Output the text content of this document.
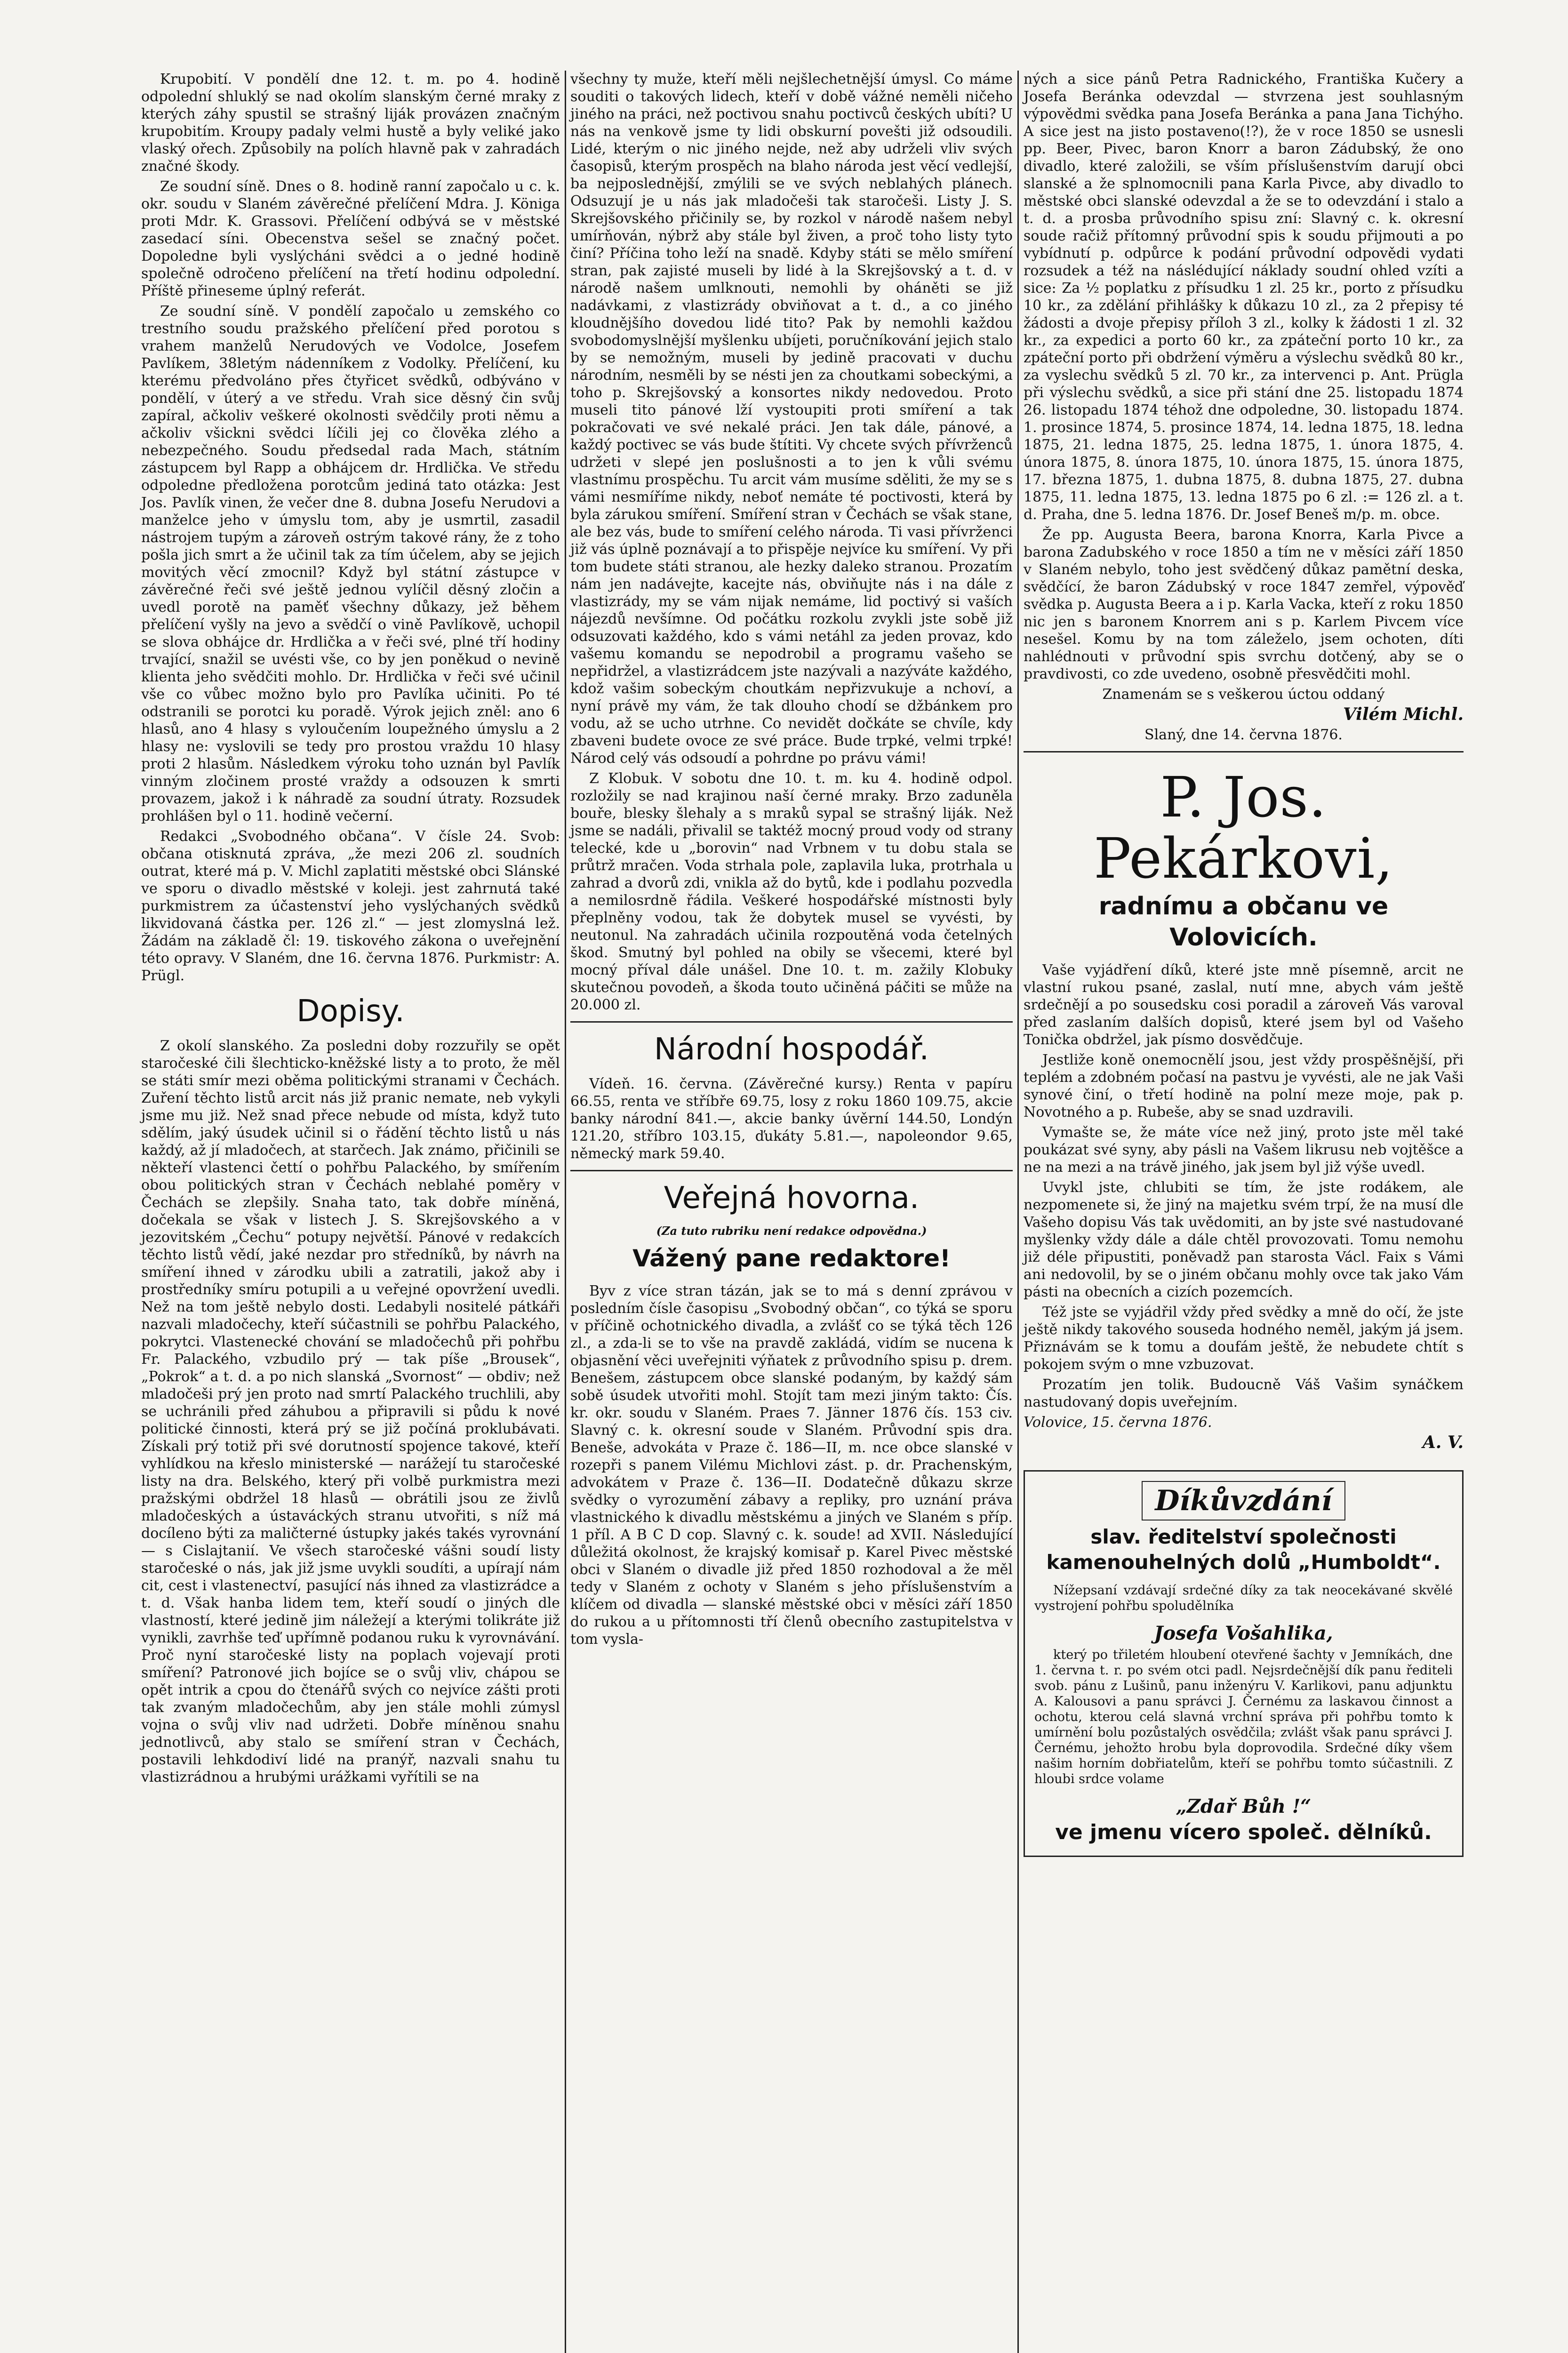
Krupobití. V pondělí dne 12. t. m. po 4. hodině odpolední shluklý se nad okolím slanským černé mraky z kterých záhy spustil se strašný liják provázen značným krupobitím. Kroupy padaly velmi hustě a byly veliké jako vlaský ořech. Způsobily na polích hlavně pak v zahradách značné škody.

Ze soudní síně. Dnes o 8. hodině ranní započalo u c. k. okr. soudu v Slaném závěrečné přelíčení Mdra. J. Königa proti Mdr. K. Grassovi. Přelíčení odbývá se v městské zasedací síni. Obecenstva sešel se značný počet. Dopoledne byli vyslýcháni svědci a o jedné hodině společně odročeno přelíčení na třetí hodinu odpolední. Příště přineseme úplný referát.

Ze soudní síně. V pondělí započalo u zemského co trestního soudu pražského přelíčení před porotou s vrahem manželů Nerudových ve Vodolce, Josefem Pavlíkem, 38letým nádenníkem z Vodolky. Přelíčení, ku kterému předvoláno přes čtyřicet svědků, odbýváno v pondělí, v úterý a ve středu. Vrah sice děsný čin svůj zapíral, ačkoliv veškeré okolnosti svědčily proti němu a ačkoliv všickni svědci líčili jej co člověka zlého a nebezpečného. Soudu předsedal rada Mach, státním zástupcem byl Rapp a obhájcem dr. Hrdlička. Ve středu odpoledne předložena porotcům jediná tato otázka: Jest Jos. Pavlík vinen, že večer dne 8. dubna Josefu Nerudovi a manželce jeho v úmyslu tom, aby je usmrtil, zasadil nástrojem tupým a zároveň ostrým takové rány, že z toho pošla jich smrt a že učinil tak za tím účelem, aby se jejich movitých věcí zmocnil? Když byl státní zástupce v závěrečné řeči své ještě jednou vylíčil děsný zločin a uvedl porotě na paměť všechny důkazy, jež během přelíčení vyšly na jevo a svědčí o vině Pavlíkově, uchopil se slova obhájce dr. Hrdlička a v řeči své, plné tří hodiny trvající, snažil se uvésti vše, co by jen poněkud o nevině klienta jeho svědčiti mohlo. Dr. Hrdlička v řeči své učinil vše co vůbec možno bylo pro Pavlíka učiniti. Po té odstranili se porotci ku poradě. Výrok jejich zněl: ano 6 hlasů, ano 4 hlasy s vyloučením loupežného úmyslu a 2 hlasy ne: vyslovili se tedy pro prostou vraždu 10 hlasy proti 2 hlasům. Následkem výroku toho uznán byl Pavlík vinným zločinem prosté vraždy a odsouzen k smrti provazem, jakož i k náhradě za soudní útraty. Rozsudek prohlášen byl o 11. hodině večerní.

Redakci „Svobodného občana“. V čísle 24. Svob: občana otisknutá zpráva, „že mezi 206 zl. soudních outrat, které má p. V. Michl zaplatiti městské obci Slánské ve sporu o divadlo městské v koleji. jest zahrnutá také purkmistrem za účastenství jeho vyslýchaných svědků likvidovaná částka per. 126 zl.“ — jest zlomyslná lež. Žádám na základě čl: 19. tiskového zákona o uveřejnění této opravy. V Slaném, dne 16. června 1876. Purkmistr: A. Prügl.

Dopisy.

Z okolí slanského. Za posledni doby rozzuřily se opět staročeské čili šlechticko-kněžské listy a to proto, že měl se státi smír mezi oběma politickými stranami v Čechách. Zuření těchto listů arcit nás již pranic nemate, neb vykyli jsme mu již. Než snad přece nebude od místa, když tuto sdělím, jaký úsudek učinil si o řádění těchto listů u nás každý, až jí mladočech, at starčech. Jak známo, přičinili se někteří vlastenci čettí o pohřbu Palackého, by smířením obou politických stran v Čechách neblahé poměry v Čechách se zlepšily. Snaha tato, tak dobře míněná, dočekala se však v listech J. S. Skrejšovského a v jezovitském „Čechu“ potupy největší. Pánové v redakcích těchto listů vědí, jaké nezdar pro středníků, by návrh na smíření ihned v zárodku ubili a zatratili, jakož aby i prostředníky smíru potupili a u veřejné opovržení uvedli. Než na tom ještě nebylo dosti. Ledabyli nositelé pátkáři nazvali mladočechy, kteří súčastnili se pohřbu Palackého, pokrytci. Vlastenecké chování se mladočechů při pohřbu Fr. Palackého, vzbudilo prý — tak píše „Brousek“, „Pokrok“ a t. d. a po nich slanská „Svornost“ — obdiv; než mladočeši prý jen proto nad smrtí Palackého truchlili, aby se uchránili před záhubou a připravili si půdu k nové politické činnosti, která prý se již počíná proklubávati. Získali prý totiž při své dorutností spojence takové, kteří vyhlídkou na křeslo ministerské — narážejí tu staročeské listy na dra. Belského, který při volbě purkmistra mezi pražskými obdržel 18 hlasů — obrátili jsou ze živlů mladočeských a ústaváckých stranu utvořiti, s níž má docíleno býti za maličterné ústupky jakés takés vyrovnání — s Cislajtanií. Ve všech staročeské vášni soudí listy staročeské o nás, jak již jsme uvykli soudíti, a upírají nám cit, cest i vlastenectví, pasující nás ihned za vlastizrádce a t. d. Však hanba lidem tem, kteří soudí o jiných dle vlastností, které jedině jim náležejí a kterými tolikráte již vynikli, zavrhše teď upřímně podanou ruku k vyrovnávání. Proč nyní staročeské listy na poplach vojevají proti smíření? Patronové jich bojíce se o svůj vliv, chápou se opět intrik a cpou do čtenářů svých co nejvíce zášti proti tak zvaným mladočechům, aby jen stále mohli zúmysl vojna o svůj vliv nad udržeti. Dobře míněnou snahu jednotlivců, aby stalo se smíření stran v Čechách, postavili lehkdodiví lidé na pranýř, nazvali snahu tu vlastizrádnou a hrubými urážkami vyřítili se na

všechny ty muže, kteří měli nejšlechetnější úmysl. Co máme souditi o takových lidech, kteří v době vážné neměli ničeho jiného na práci, než poctivou snahu poctivců českých ubíti? U nás na venkově jsme ty lidi obskurní povešti již odsoudili. Lidé, kterým o nic jiného nejde, než aby udrželi vliv svých časopisů, kterým prospěch na blaho národa jest věcí vedlejší, ba nejposlednější, zmýlili se ve svých neblahých plánech. Odsuzují je u nás jak mladočeši tak staročeši. Listy J. S. Skrejšovského přičinily se, by rozkol v národě našem nebyl umírňován, nýbrž aby stále byl živen, a proč toho listy tyto činí? Příčina toho leží na snadě. Kdyby státi se mělo smíření stran, pak zajisté museli by lidé à la Skrejšovský a t. d. v národě našem umlknouti, nemohli by oháněti se již nadávkami, z vlastizrády obviňovat a t. d., a co jiného kloudnějšího dovedou lidé tito? Pak by nemohli každou svobodomyslnější myšlenku ubíjeti, poručníkování jejich stalo by se nemožným, museli by jedině pracovati v duchu národním, nesměli by se nésti jen za choutkami sobeckými, a toho p. Skrejšovský a konsortes nikdy nedovedou. Proto museli tito pánové lží vystoupiti proti smíření a tak pokračovati ve své nekalé práci. Jen tak dále, pánové, a každý poctivec se vás bude štítiti. Vy chcete svých přívrženců udržeti v slepé jen poslušnosti a to jen k vůli svému vlastnímu prospěchu. Tu arcit vám musíme sděliti, že my se s vámi nesmíříme nikdy, neboť nemáte té poctivosti, která by byla zárukou smíření. Smíření stran v Čechách se však stane, ale bez vás, bude to smíření celého národa. Ti vasi přívrženci již vás úplně poznávají a to přispěje nejvíce ku smíření. Vy při tom budete státi stranou, ale hezky daleko stranou. Prozatím nám jen nadávejte, kacejte nás, obviňujte nás i na dále z vlastizrády, my se vám nijak nemáme, lid poctivý si vaších nájezdů nevšímne. Od počátku rozkolu zvykli jste sobě již odsuzovati každého, kdo s vámi netáhl za jeden provaz, kdo vašemu komandu se nepodrobil a programu vašeho se nepřidržel, a vlastizrádcem jste nazývali a nazýváte každého, kdož vašim sobeckým choutkám nepřizvukuje a nchoví, a nyní právě my vám, že tak dlouho chodí se džbánkem pro vodu, až se ucho utrhne. Co nevidět dočkáte se chvíle, kdy zbaveni budete ovoce ze své práce. Bude trpké, velmi trpké! Národ celý vás odsoudí a pohrdne po právu vámi!

Z Klobuk. V sobotu dne 10. t. m. ku 4. hodině odpol. rozložily se nad krajinou naší černé mraky. Brzo zaduněla bouře, blesky šlehaly a s mraků sypal se strašný liják. Než jsme se nadáli, přivalil se taktéž mocný proud vody od strany telecké, kde u „borovin“ nad Vrbnem v tu dobu stala se průtrž mračen. Voda strhala pole, zaplavila luka, protrhala u zahrad a dvorů zdi, vnikla až do bytů, kde i podlahu pozvedla a nemilosrdně řádila. Veškeré hospodářské místnosti byly přeplněny vodou, tak že dobytek musel se vyvésti, by neutonul. Na zahradách učinila rozpoutěná voda četelných škod. Smutný byl pohled na obily se všecemi, které byl mocný příval dále unášel. Dne 10. t. m. zažily Klobuky skutečnou povodeň, a škoda touto učiněná páčiti se může na 20.000 zl.

Národní hospodář.

Vídeň. 16. června. (Závěrečné kursy.) Renta v papíru 66.55, renta ve stříbře 69.75, losy z roku 1860 109.75, akcie banky národní 841.—, akcie banky úvěrní 144.50, Londýn 121.20, stříbro 103.15, ďukáty 5.81.—, napoleondor 9.65, německý mark 59.40.

Veřejná hovorna.
(Za tuto rubriku není redakce odpovědna.)
Vážený pane redaktore!

Byv z více stran tázán, jak se to má s denní zprávou v posledním čísle časopisu „Svobodný občan“, co týká se sporu v příčině ochotnického divadla, a zvlášť co se týká těch 126 zl., a zda-li se to vše na pravdě zakládá, vidím se nucena k objasnění věci uveřejniti výňatek z průvodního spisu p. drem. Benešem, zástupcem obce slanské podaným, by každý sám sobě úsudek utvořiti mohl. Stojít tam mezi jiným takto: Čís. kr. okr. soudu v Slaném. Praes 7. Jänner 1876 čís. 153 civ. Slavný c. k. okresní soude v Slaném. Průvodní spis dra. Beneše, advokáta v Praze č. 186—II, m. nce obce slanské v rozepři s panem Vilému Michlovi zást. p. dr. Prachenským, advokátem v Praze č. 136—II. Dodatečně důkazu skrze svědky o vyrozumění zábavy a repliky, pro uznání práva vlastnického k divadlu městskému a jiných ve Slaném s příp. 1 příl. A B C D cop. Slavný c. k. soude! ad XVII. Následující důležitá okolnost, že krajský komisař p. Karel Pivec městské obci v Slaném o divadle již před 1850 rozhodoval a že měl tedy v Slaném z ochoty v Slaném s jeho příslušenstvím a klíčem od divadla — slanské městské obci v měsíci září 1850 do rukou a u přítomnosti tří členů obecního zastupitelstva v tom vysla-

ných a sice pánů Petra Radnického, Františka Kučery a Josefa Beránka odevzdal — stvrzena jest souhlasným výpovědmi svědka pana Josefa Beránka a pana Jana Tichýho. A sice jest na jisto postaveno(!?), že v roce 1850 se usnesli pp. Beer, Pivec, baron Knorr a baron Zádubský, že ono divadlo, které založili, se vším příslušenstvím darují obci slanské a že splnomocnili pana Karla Pivce, aby divadlo to městské obci slanské odevzdal a že se to odevzdání i stalo a t. d. a prosba průvodního spisu zní: Slavný c. k. okresní soude račiž přítomný průvodní spis k soudu přijmouti a po vybídnutí p. odpůrce k podání průvodní odpovědi vydati rozsudek a též na náslédující náklady soudní ohled vzíti a sice: Za ½ poplatku z přísudku 1 zl. 25 kr., porto z přísudku 10 kr., za zdělání přihlášky k důkazu 10 zl., za 2 přepisy té žádosti a dvoje přepisy příloh 3 zl., kolky k žádosti 1 zl. 32 kr., za expedici a porto 60 kr., za zpáteční porto 10 kr., za zpáteční porto při obdržení výměru a výslechu svědků 80 kr., za vyslechu svědků 5 zl. 70 kr., za intervenci p. Ant. Prügla při výslechu svědků, a sice při stání dne 25. listopadu 1874 26. listopadu 1874 téhož dne odpoledne, 30. listopadu 1874. 1. prosince 1874, 5. prosince 1874, 14. ledna 1875, 18. ledna 1875, 21. ledna 1875, 25. ledna 1875, 1. února 1875, 4. února 1875, 8. února 1875, 10. února 1875, 15. února 1875, 17. března 1875, 1. dubna 1875, 8. dubna 1875, 27. dubna 1875, 11. ledna 1875, 13. ledna 1875 po 6 zl. := 126 zl. a t. d. Praha, dne 5. ledna 1876. Dr. Josef Beneš m/p. m. obce.

Že pp. Augusta Beera, barona Knorra, Karla Pivce a barona Zadubského v roce 1850 a tím ne v měsíci září 1850 v Slaném nebylo, toho jest svědčený důkaz pamětní deska, svědčící, že baron Zádubský v roce 1847 zemřel, výpověď svědka p. Augusta Beera a i p. Karla Vacka, kteří z roku 1850 nic jen s baronem Knorrem ani s p. Karlem Pivcem více nesešel. Komu by na tom záleželo, jsem ochoten, díti nahlédnouti v průvodní spis svrchu dotčený, aby se o pravdivosti, co zde uvedeno, osobně přesvědčiti mohl.

Znamenám se s veškerou úctou oddaný

Vilém Michl.

Slaný, dne 14. června 1876.

P. Jos. Pekárkovi,
radnímu a občanu ve Volovicích.

Vaše vyjádření díků, které jste mně písemně, arcit ne vlastní rukou psané, zaslal, nutí mne, abych vám ještě srdečnějí a po sousedsku cosi poradil a zároveň Vás varoval před zaslaním dalších dopisů, které jsem byl od Vašeho Tonička obdržel, jak písmo dosvědčuje.

Jestliže koně onemocnělí jsou, jest vždy prospěšnější, při teplém a zdobném počasí na pastvu je vyvésti, ale ne jak Vaši synové činí, o třetí hodině na polní meze moje, pak p. Novotného a p. Rubeše, aby se snad uzdravili.

Vymašte se, že máte více než jiný, proto jste měl také poukázat své syny, aby pásli na Vašem likrusu neb vojtěšce a ne na mezi a na trávě jiného, jak jsem byl již výše uvedl.

Uvykl jste, chlubiti se tím, že jste rodákem, ale nezpomenete si, že jiný na majetku svém trpí, že na musí dle Vašeho dopisu Vás tak uvědomiti, an by jste své nastudované myšlenky vždy dále a dále chtěl provozovati. Tomu nemohu již déle připustiti, poněvadž pan starosta Václ. Faix s Vámi ani nedovolil, by se o jiném občanu mohly ovce tak jako Vám pásti na obecních a cizích pozemcích.

Též jste se vyjádřil vždy před svědky a mně do očí, že jste ještě nikdy takového souseda hodného neměl, jakým já jsem. Přiznávám se k tomu a doufám ještě, že nebudete chtít s pokojem svým o mne vzbuzovat.

Prozatím jen tolik. Budoucně Váš Vašim synáčkem nastudovaný dopis uveřejním.

Volovice, 15. června 1876.

A. V.

Díkůvzdání
slav. ředitelství společnosti kamenouhelných dolů „Humboldt“.

Nížepsaní vzdávají srdečné díky za tak neocekávané skvělé vystrojení pohřbu spoludělníka

Josefa Vošahlika,

který po třiletém hloubení otevřené šachty v Jemníkách, dne 1. června t. r. po svém otci padl. Nejsrdečnější dík panu řediteli svob. pánu z Lušinů, panu inženýru V. Karlikovi, panu adjunktu A. Kalousovi a panu správci J. Černému za laskavou činnost a ochotu, kterou celá slavná vrchní správa při pohřbu tomto k umírnění bolu pozůstalých osvědčila; zvlášt však panu správci J. Černému, jehožto hrobu byla doprovodila. Srdečné díky všem našim horním dobřiatelům, kteří se pohřbu tomto súčastnili. Z hloubi srdce volame

„Zdař Bůh !“
ve jmenu vícero společ. dělníků.
